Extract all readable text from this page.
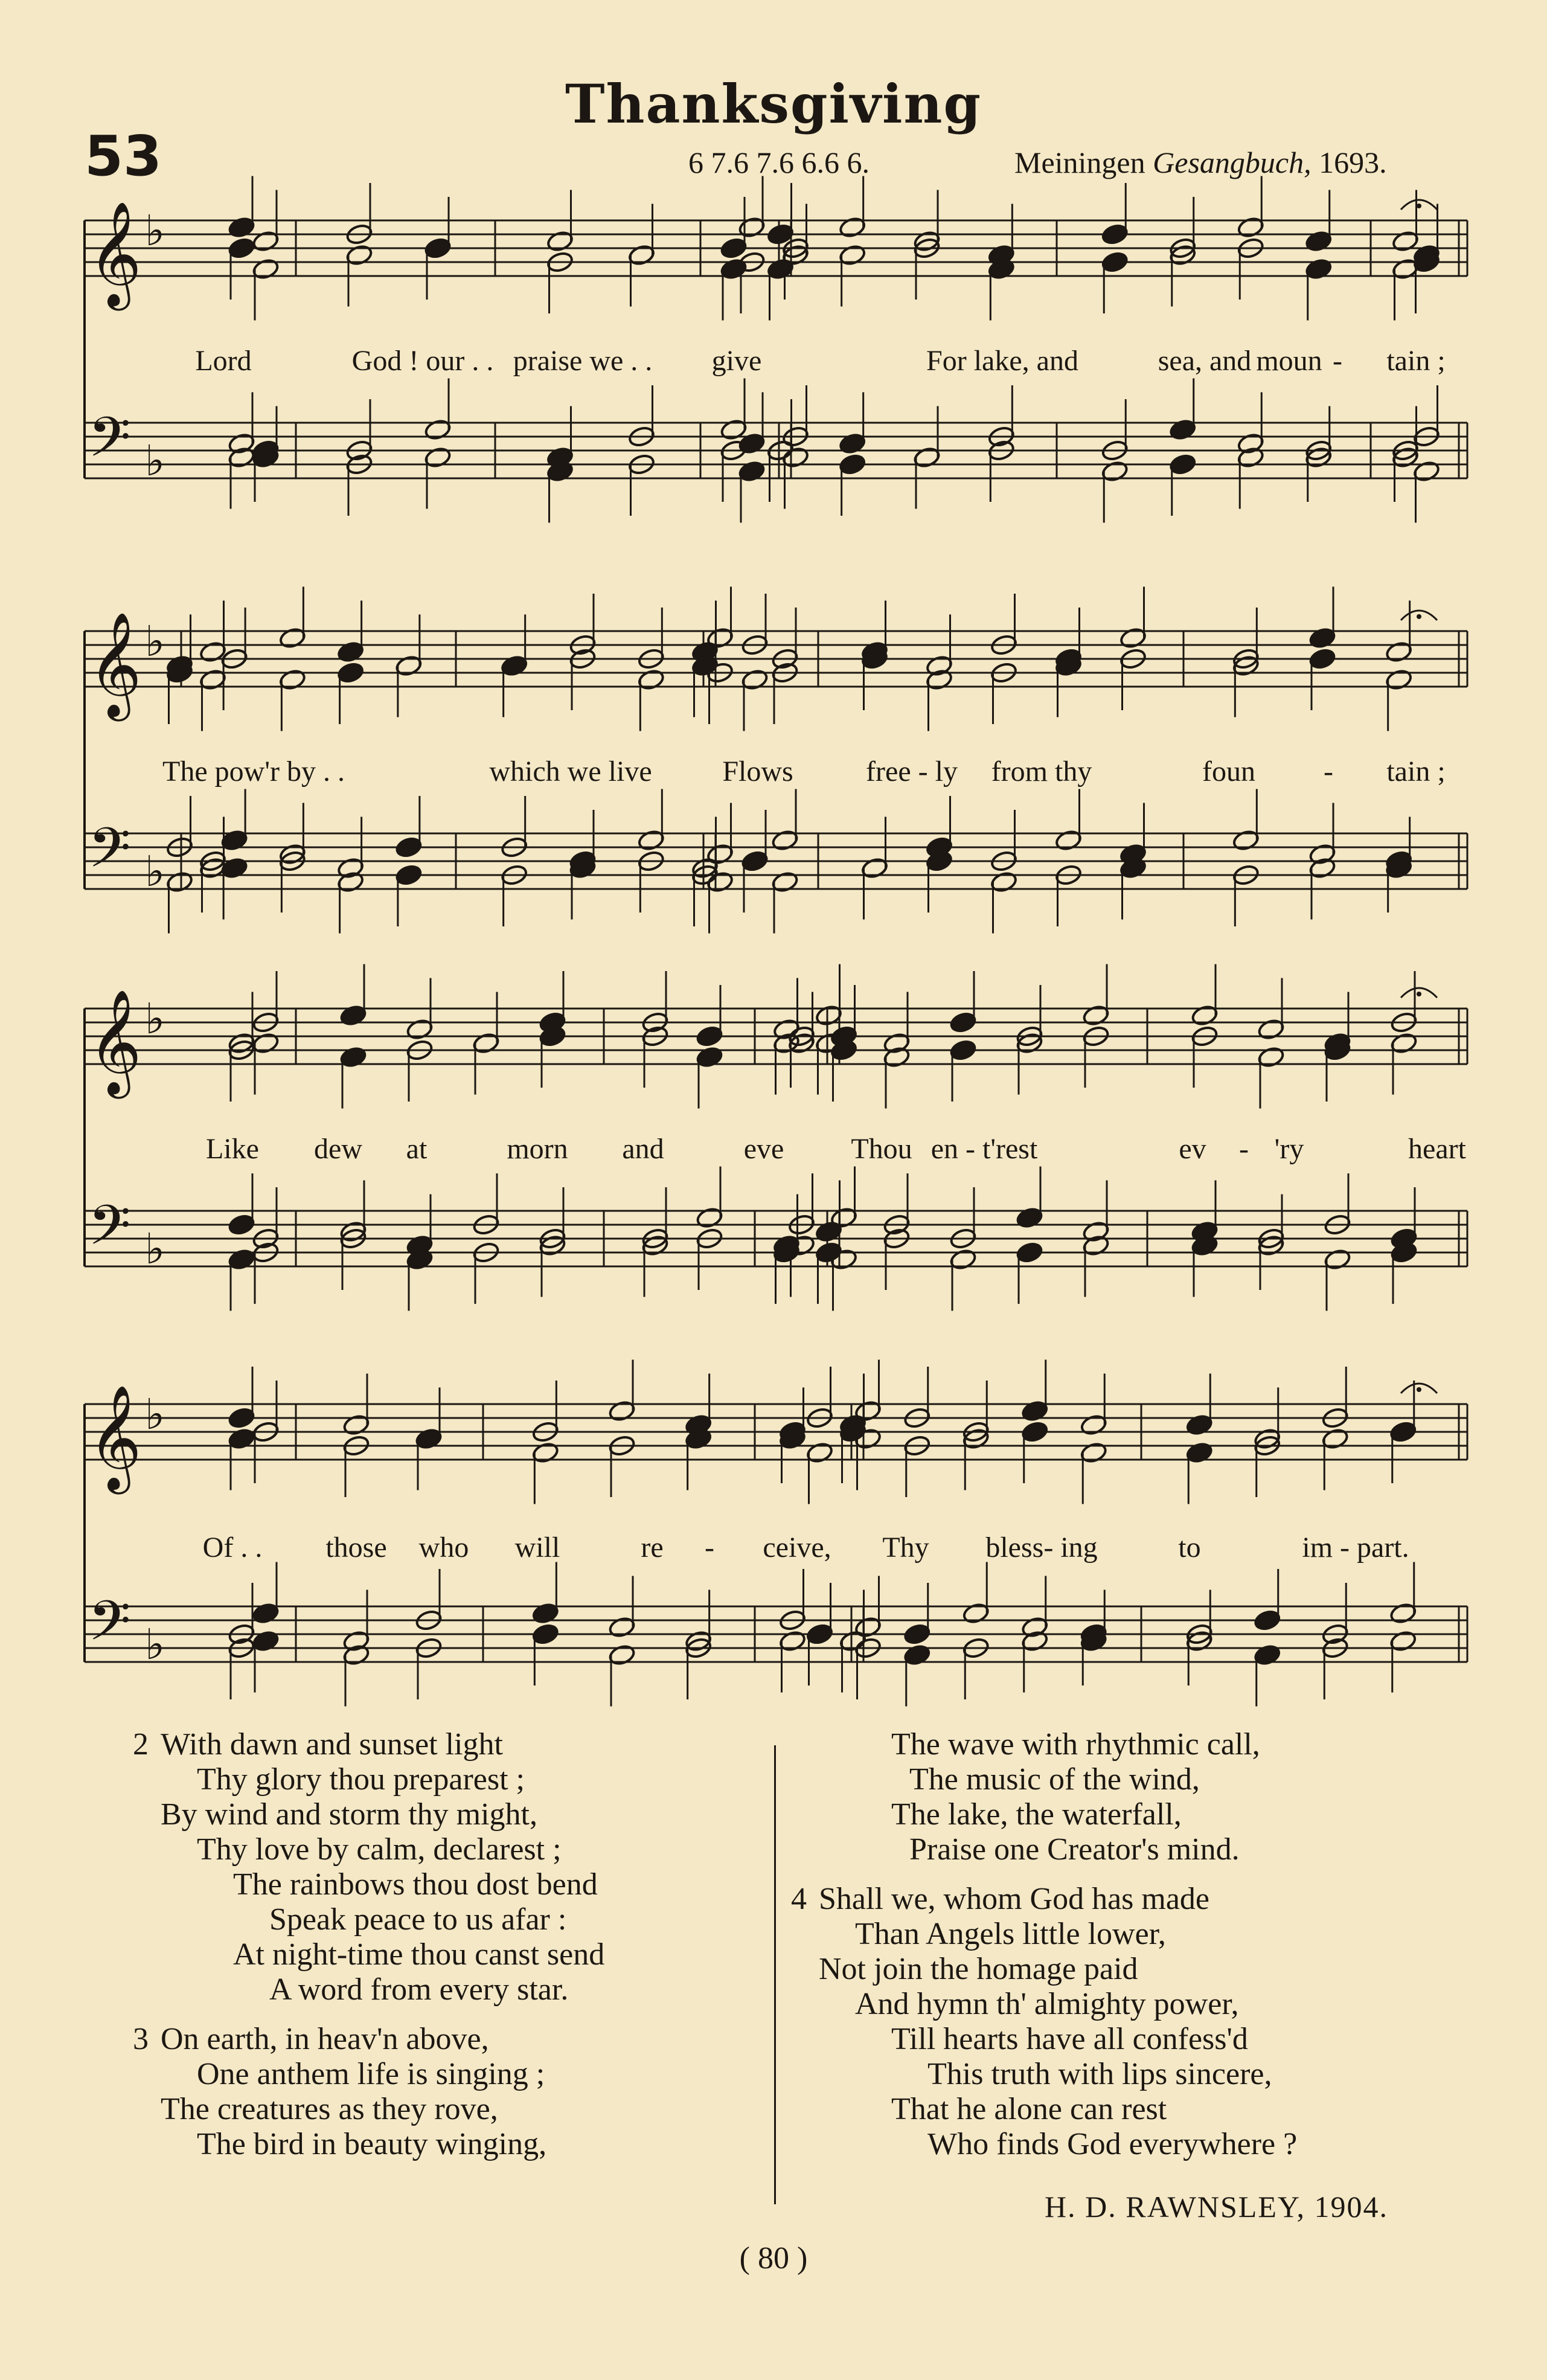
Thanksgiving
53	6 7.6 7.6 6.6 6.	Meiningen Gesangbuch, 1693.
𝄞 ♭
𝄢 ♭
𝄞 ♭
𝄢 ♭
𝄞 ♭
𝄢 ♭
𝄞 ♭
𝄢 ♭
Lord	God ! our . . praise we . . give	For lake, and	sea, and moun - tain ;
The pow'r by . .	which we live Flows	free - ly from thy	foun - tain ;
Like dew at	morn and	eve Thou en - t'rest	ev - 'ry	heart
Of . . those who will	re - ceive, Thy bless- ing	to	im - part.
2 With dawn and sunset light
Thy glory thou preparest ;
By wind and storm thy might,
Thy love by calm, declarest ;
The rainbows thou dost bend
Speak peace to us afar :
At night-time thou canst send
A word from every star.
3 On earth, in heav'n above,
One anthem life is singing ;
The creatures as they rove,
The bird in beauty winging,
The wave with rhythmic call,
The music of the wind,
The lake, the waterfall,
Praise one Creator's mind.
4 Shall we, whom God has made
Than Angels little lower,
Not join the homage paid
And hymn th' almighty power,
Till hearts have all confess'd
This truth with lips sincere,
That he alone can rest
Who finds God everywhere ?
H. D. RAWNSLEY, 1904.
( 80 )
